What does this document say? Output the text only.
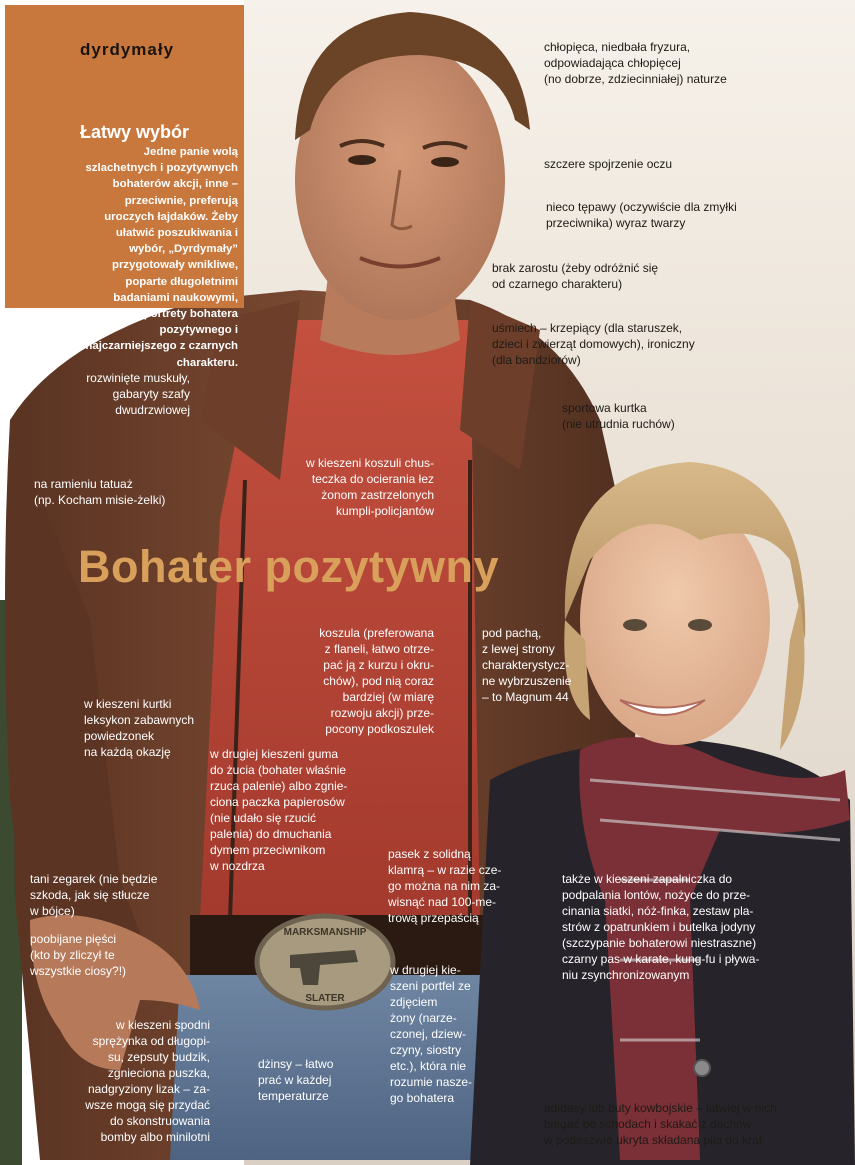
MARKSMANSHIP
SLATER
dyrdymały
Łatwy wybór
Jedne panie wolą szlachetnych i pozytywnych bohaterów akcji, inne – przeciwnie, preferują uroczych łajdaków. Żeby ułatwić poszukiwania i wybór, „Dyrdymały” przygotowały wnikliwe, poparte długoletnimi badaniami naukowymi, portrety bohatera pozytywnego i najczarniejszego z czarnych charakteru.
Bohater pozytywny
chłopięca, niedbała fryzura,
odpowiadająca chłopięcej
(no dobrze, zdziecinniałej) naturze
szczere spojrzenie oczu
nieco tępawy (oczywiście dla zmyłki
przeciwnika) wyraz twarzy
brak zarostu (żeby odróżnić się
od czarnego charakteru)
uśmiech – krzepiący (dla staruszek,
dzieci i zwierząt domowych), ironiczny
(dla bandziorów)
rozwinięte muskuły,
gabaryty szafy
dwudrzwiowej	sportowa kurtka
(nie utrudnia ruchów)
na ramieniu tatuaż
(np. Kocham misie-żelki)
w kieszeni koszuli chus-
teczka do ocierania łez
żonom zastrzelonych
kumpli-policjantów
koszula (preferowana
z flaneli, łatwo otrze-
pać ją z kurzu i okru-
chów), pod nią coraz
bardziej (w miarę
rozwoju akcji) prze-
pocony podkoszulek
pod pachą,
z lewej strony
charakterystycz-
ne wybrzuszenie
– to Magnum 44
w kieszeni kurtki
leksykon zabawnych
powiedzonek
na każdą okazję	w drugiej kieszeni guma
do żucia (bohater właśnie
rzuca palenie) albo zgnie-
ciona paczka papierosów
(nie udało się rzucić
palenia) do dmuchania
dymem przeciwnikom
w nozdrza
pasek z solidną
klamrą – w razie cze-
go można na nim za-
wisnąć nad 100-me-
trową przepaścią
tani zegarek (nie będzie
szkoda, jak się stłucze
w bójce)
także w kieszeni zapalniczka do
podpalania lontów, nożyce do prze-
cinania siatki, nóż-finka, zestaw pla-
strów z opatrunkiem i butelka jodyny
(szczypanie bohaterowi niestraszne)
czarny pas w karate, kung-fu i pływa-
niu zsynchronizowanym
poobijane pięści
(kto by zliczył te
wszystkie ciosy?!)	w drugiej kie-
szeni portfel ze
zdjęciem
żony (narze-
czonej, dziew-
czyny, siostry
etc.), która nie
rozumie nasze-
go bohatera
w kieszeni spodni
sprężynka od długopi-
su, zepsuty budzik,
zgnieciona puszka,
nadgryziony lizak – za-
wsze mogą się przydać
do skonstruowania
bomby albo minilotni
dżinsy – łatwo
prać w każdej
temperaturze
adidasy lub buty kowbojskie – łatwiej w nich
biegać po schodach i skakać z dachów
w podeszwie ukryta składana piła do krat
